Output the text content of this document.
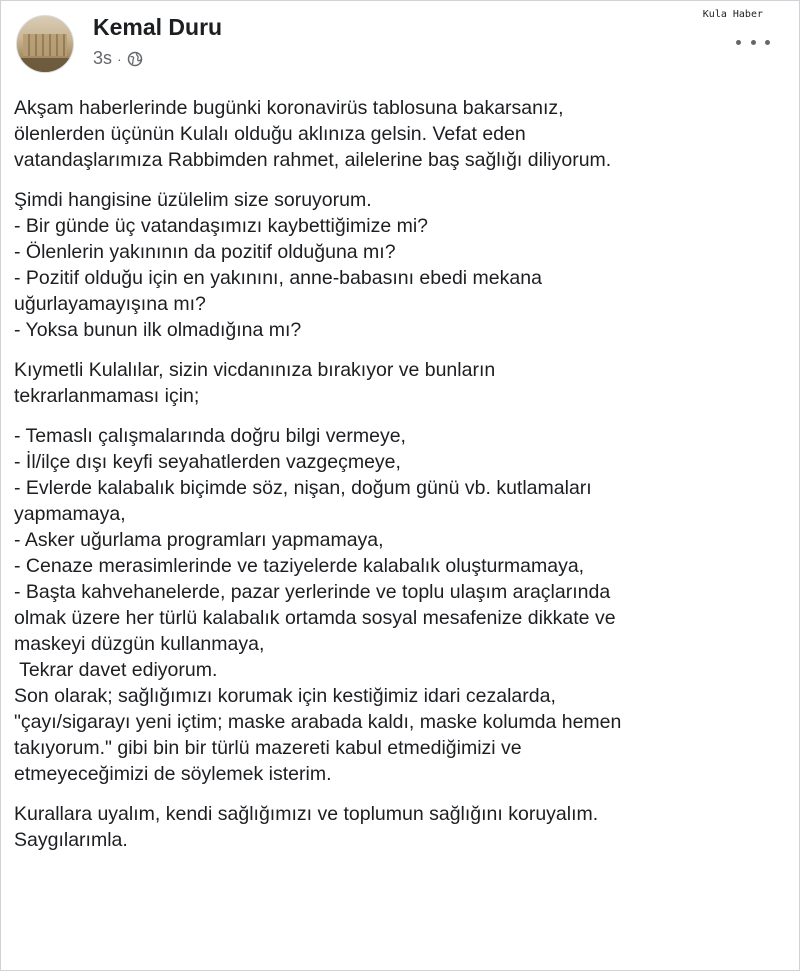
Kemal Duru
3s ·
Kula Haber
Akşam haberlerinde bugünki koronavirüs tablosuna bakarsanız,
ölenlerden üçünün Kulalı olduğu aklınıza gelsin. Vefat eden
vatandaşlarımıza Rabbimden rahmet, ailelerine baş sağlığı diliyorum.
Şimdi hangisine üzülelim size soruyorum.
- Bir günde üç vatandaşımızı kaybettiğimize mi?
- Ölenlerin yakınının da pozitif olduğuna mı?
- Pozitif olduğu için en yakınını, anne-babasını ebedi mekana
uğurlayamayışına mı?
- Yoksa bunun ilk olmadığına mı?
Kıymetli Kulalılar, sizin vicdanınıza bırakıyor ve bunların
tekrarlanmaması için;
- Temaslı çalışmalarında doğru bilgi vermeye,
- İl/ilçe dışı keyfi seyahatlerden vazgeçmeye,
- Evlerde kalabalık biçimde söz, nişan, doğum günü vb. kutlamaları
yapmamaya,
- Asker uğurlama programları yapmamaya,
- Cenaze merasimlerinde ve taziyelerde kalabalık oluşturmamaya,
- Başta kahvehanelerde, pazar yerlerinde ve toplu ulaşım araçlarında
olmak üzere her türlü kalabalık ortamda sosyal mesafenize dikkate ve
maskeyi düzgün kullanmaya,
Tekrar davet ediyorum.
Son olarak; sağlığımızı korumak için kestiğimiz idari cezalarda,
"çayı/sigarayı yeni içtim; maske arabada kaldı, maske kolumda hemen
takıyorum." gibi bin bir türlü mazereti kabul etmediğimizi ve
etmeyeceğimizi de söylemek isterim.
Kurallara uyalım, kendi sağlığımızı ve toplumun sağlığını koruyalım.
Saygılarımla.
